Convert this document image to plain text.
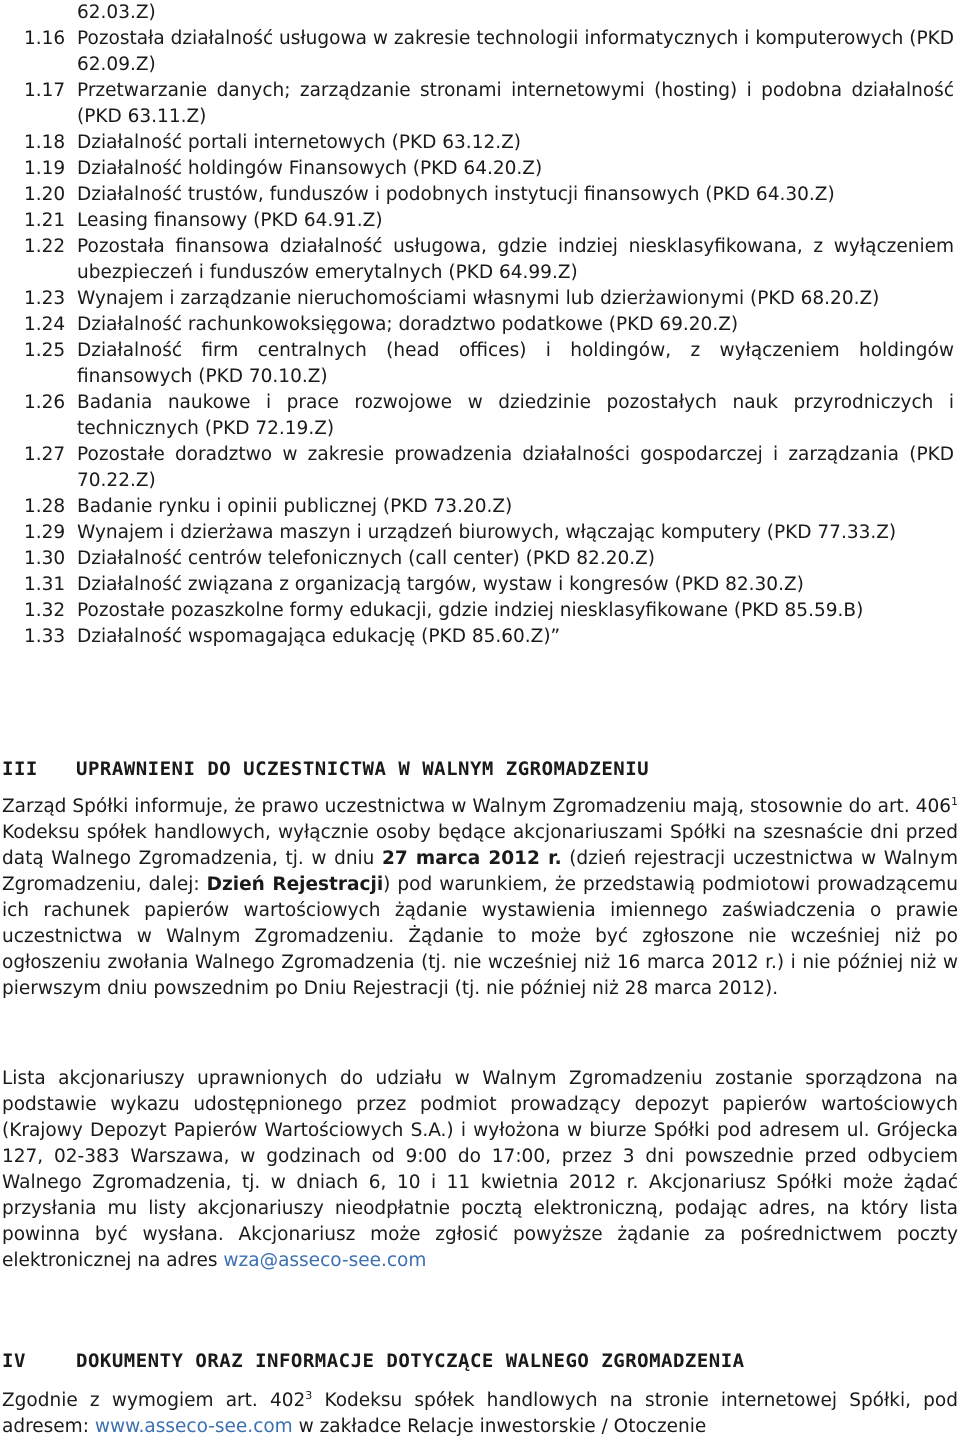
62.03.Z)
1.16 Pozostała działalność usługowa w zakresie technologii informatycznych i komputerowych (PKD 62.09.Z)
1.17 Przetwarzanie danych; zarządzanie stronami internetowymi (hosting) i podobna działalność (PKD 63.11.Z)
1.18 Działalność portali internetowych (PKD 63.12.Z)
1.19 Działalność holdingów Finansowych (PKD 64.20.Z)
1.20 Działalność trustów, funduszów i podobnych instytucji finansowych (PKD 64.30.Z)
1.21 Leasing finansowy (PKD 64.91.Z)
1.22 Pozostała finansowa działalność usługowa, gdzie indziej niesklasyfikowana, z wyłączeniem ubezpieczeń i funduszów emerytalnych (PKD 64.99.Z)
1.23 Wynajem i zarządzanie nieruchomościami własnymi lub dzierżawionymi (PKD 68.20.Z)
1.24 Działalność rachunkowoksięgowa; doradztwo podatkowe (PKD 69.20.Z)
1.25 Działalność firm centralnych (head offices) i holdingów, z wyłączeniem holdingów finansowych (PKD 70.10.Z)
1.26 Badania naukowe i prace rozwojowe w dziedzinie pozostałych nauk przyrodniczych i technicznych (PKD 72.19.Z)
1.27 Pozostałe doradztwo w zakresie prowadzenia działalności gospodarczej i zarządzania (PKD 70.22.Z)
1.28 Badanie rynku i opinii publicznej (PKD 73.20.Z)
1.29 Wynajem i dzierżawa maszyn i urządzeń biurowych, włączając komputery (PKD 77.33.Z)
1.30 Działalność centrów telefonicznych (call center) (PKD 82.20.Z)
1.31 Działalność związana z organizacją targów, wystaw i kongresów (PKD 82.30.Z)
1.32 Pozostałe pozaszkolne formy edukacji, gdzie indziej niesklasyfikowane (PKD 85.59.B)
1.33 Działalność wspomagająca edukację (PKD 85.60.Z)”
III UPRAWNIENI DO UCZESTNICTWA W WALNYM ZGROMADZENIU
Zarząd Spółki informuje, że prawo uczestnictwa w Walnym Zgromadzeniu mają, stosownie do art. $406^1$ Kodeksu spółek handlowych, wyłącznie osoby będące akcjonariuszami Spółki na szesnaście dni przed datą Walnego Zgromadzenia, tj. w dniu 27 marca 2012 r. (dzień rejestracji uczestnictwa w Walnym Zgromadzeniu, dalej: Dzień Rejestracji) pod warunkiem, że przedstawią podmiotowi prowadzącemu ich rachunek papierów wartościowych żądanie wystawienia imiennego zaświadczenia o prawie uczestnictwa w Walnym Zgromadzeniu. Żądanie to może być zgłoszone nie wcześniej niż po ogłoszeniu zwołania Walnego Zgromadzenia (tj. nie wcześniej niż 16 marca 2012 r.) i nie później niż w pierwszym dniu powszednim po Dniu Rejestracji (tj. nie później niż 28 marca 2012).
Lista akcjonariuszy uprawnionych do udziału w Walnym Zgromadzeniu zostanie sporządzona na podstawie wykazu udostępnionego przez podmiot prowadzący depozyt papierów wartościowych (Krajowy Depozyt Papierów Wartościowych S.A.) i wyłożona w biurze Spółki pod adresem ul. Grójecka 127, 02-383 Warszawa, w godzinach od 9:00 do 17:00, przez 3 dni powszednie przed odbyciem Walnego Zgromadzenia, tj. w dniach 6, 10 i 11 kwietnia 2012 r. Akcjonariusz Spółki może żądać przysłania mu listy akcjonariuszy nieodpłatnie pocztą elektroniczną, podając adres, na który lista powinna być wysłana. Akcjonariusz może zgłosić powyższe żądanie za pośrednictwem poczty elektronicznej na adres wza@asseco-see.com
IV	DOKUMENTY ORAZ INFORMACJE DOTYCZĄCE WALNEGO ZGROMADZENIA
Zgodnie z wymogiem art. $402^3$ Kodeksu spółek handlowych na stronie internetowej Spółki, pod adresem: www.asseco-see.com w zakładce Relacje inwestorskie / Otoczenie
